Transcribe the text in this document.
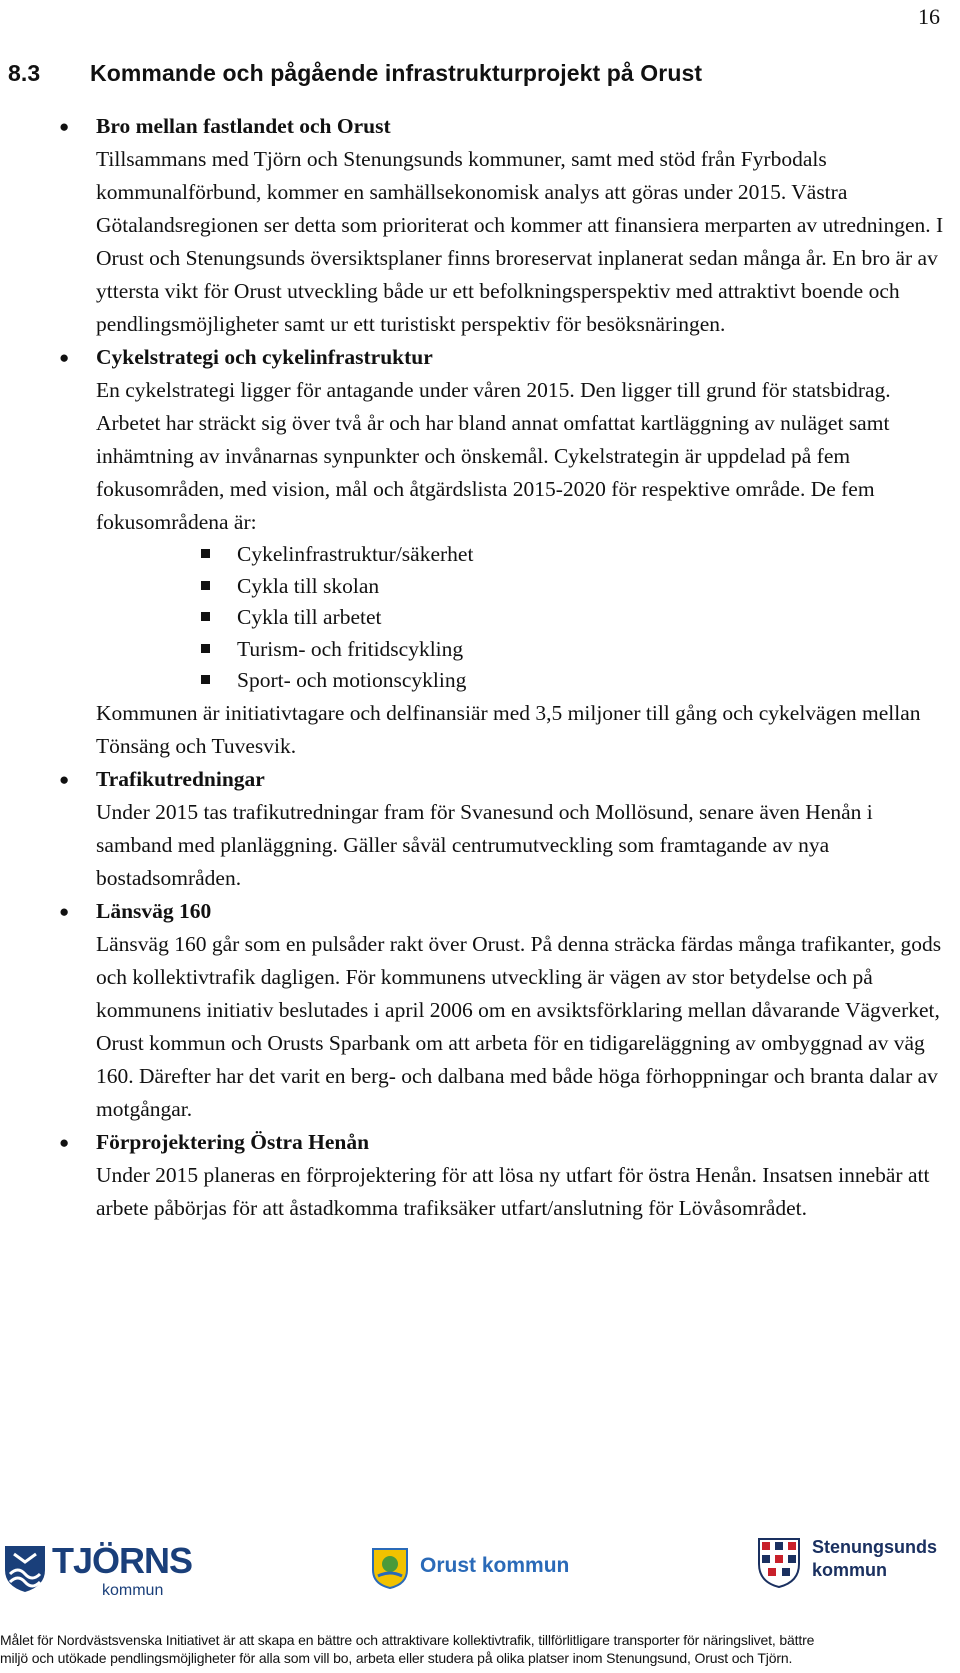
16
8.3 Kommande och pågående infrastrukturprojekt på Orust
● Bro mellan fastlandet och Orust

Tillsammans med Tjörn och Stenungsunds kommuner, samt med stöd från Fyrbodals kommunalförbund, kommer en samhällsekonomisk analys att göras under 2015. Västra Götalandsregionen ser detta som prioriterat och kommer att finansiera merparten av utredningen. I Orust och Stenungsunds översiktsplaner finns broreservat inplanerat sedan många år. En bro är av yttersta vikt för Orust utveckling både ur ett befolkningsperspektiv med attraktivt boende och pendlingsmöjligheter samt ur ett turistiskt perspektiv för besöksnäringen.

● Cykelstrategi och cykelinfrastruktur

En cykelstrategi ligger för antagande under våren 2015. Den ligger till grund för statsbidrag. Arbetet har sträckt sig över två år och har bland annat omfattat kartläggning av nuläget samt inhämtning av invånarnas synpunkter och önskemål. Cykelstrategin är uppdelad på fem fokusområden, med vision, mål och åtgärdslista 2015-2020 för respektive område. De fem fokusområdena är:

Cykelinfrastruktur/säkerhet
Cykla till skolan
Cykla till arbetet
Turism- och fritidscykling
Sport- och motionscykling

Kommunen är initiativtagare och delfinansiär med 3,5 miljoner till gång och cykelvägen mellan Tönsäng och Tuvesvik.

● Trafikutredningar

Under 2015 tas trafikutredningar fram för Svanesund och Mollösund, senare även Henån i samband med planläggning. Gäller såväl centrumutveckling som framtagande av nya bostadsområden.

● Länsväg 160

Länsväg 160 går som en pulsåder rakt över Orust. På denna sträcka färdas många trafikanter, gods och kollektivtrafik dagligen. För kommunens utveckling är vägen av stor betydelse och på kommunens initiativ beslutades i april 2006 om en avsiktsförklaring mellan dåvarande Vägverket, Orust kommun och Orusts Sparbank om att arbeta för en tidigareläggning av ombyggnad av väg 160. Därefter har det varit en berg- och dalbana med både höga förhoppningar och branta dalar av motgångar.

● Förprojektering Östra Henån

Under 2015 planeras en förprojektering för att lösa ny utfart för östra Henån. Insatsen innebär att arbete påbörjas för att åstadkomma trafiksäker utfart/anslutning för Lövåsområdet.

TJÖRNS
kommun
Orust kommun
Stenungsunds
kommun
Målet för Nordvästsvenska Initiativet är att skapa en bättre och attraktivare kollektivtrafik, tillförlitligare transporter för näringslivet, bättre
miljö och utökade pendlingsmöjligheter för alla som vill bo, arbeta eller studera på olika platser inom Stenungsund, Orust och Tjörn.
